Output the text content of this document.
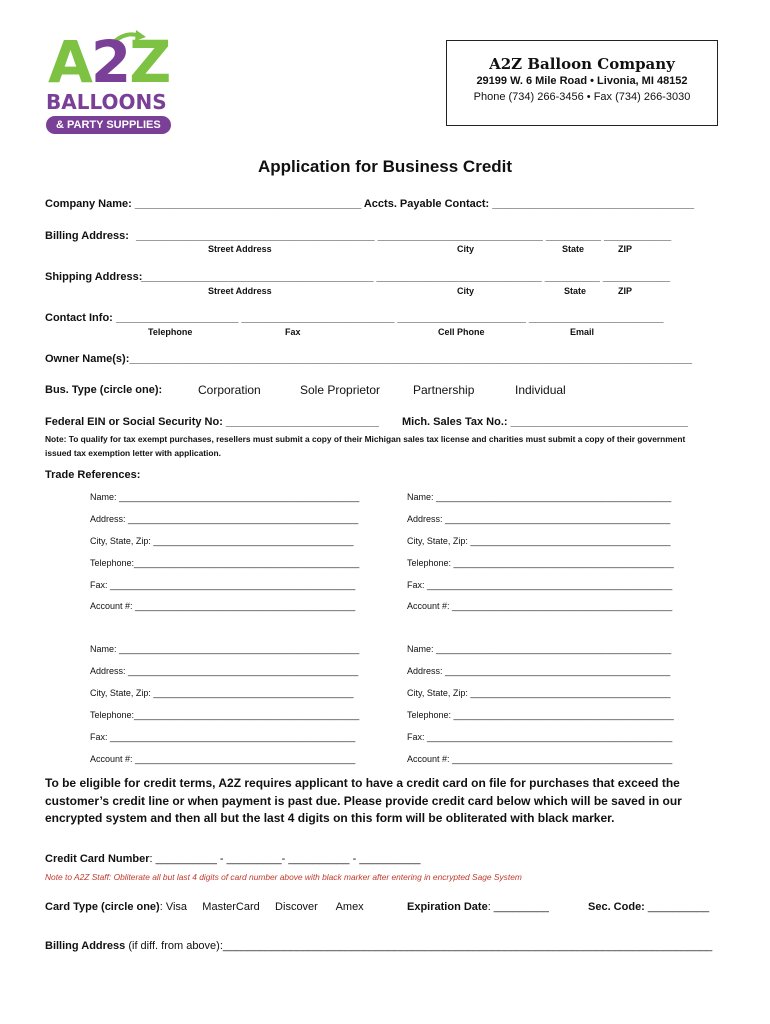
A2Z
BALLOONS
& PARTY SUPPLIES
A2Z Balloon Company
29199 W. 6 Mile Road • Livonia, MI 48152
Phone (734) 266-3456 • Fax (734) 266-3030
Application for Business Credit
Company Name: _____________________________________ Accts. Payable Contact: _________________________________
Billing Address: _______________________________________ ___________________________ _________ ___________
Street Address	City	State	ZIP
Shipping Address:
______________________________________ ___________________________ _________ ___________
Street Address	City	State	ZIP
Contact Info: ____________________ _________________________ _____________________ ______________________
Telephone	Fax	Cell Phone	Email
Owner Name(s):____________________________________________________________________________________________
Bus. Type (circle one):	Corporation	Sole Proprietor	Partnership	Individual
Federal EIN or Social Security No: _________________________ Mich. Sales Tax No.: _____________________________
Note: To qualify for tax exempt purchases, resellers must submit a copy of their Michigan sales tax license and charities must submit a copy of their government
issued tax exemption letter with application.
Trade References:
Name: ________________________________________________
Address: ______________________________________________
City, State, Zip: ________________________________________
Telephone:_____________________________________________
Fax: _________________________________________________
Account #: ____________________________________________
Name: _______________________________________________
Address: _____________________________________________
City, State, Zip: ________________________________________
Telephone: ____________________________________________
Fax: _________________________________________________
Account #: ____________________________________________
Name: ________________________________________________
Address: ______________________________________________
City, State, Zip: ________________________________________
Telephone:_____________________________________________
Fax: _________________________________________________
Account #: ____________________________________________
Name: _______________________________________________
Address: _____________________________________________
City, State, Zip: ________________________________________
Telephone: ____________________________________________
Fax: _________________________________________________
Account #: ____________________________________________
To be eligible for credit terms, A2Z requires applicant to have a credit card on file for purchases that exceed the
customer’s credit line or when payment is past due. Please provide credit card below which will be saved in our
encrypted system and then all but the last 4 digits on this form will be obliterated with black marker.
Credit Card Number: __________ - _________- __________ - __________
Note to A2Z Staff: Obliterate all but last 4 digits of card number above with black marker after entering in encrypted Sage System
Card Type (circle one): Visa     MasterCard     Discover      Amex	Expiration Date: _________	Sec. Code: __________
Billing Address (if diff. from above):________________________________________________________________________________
